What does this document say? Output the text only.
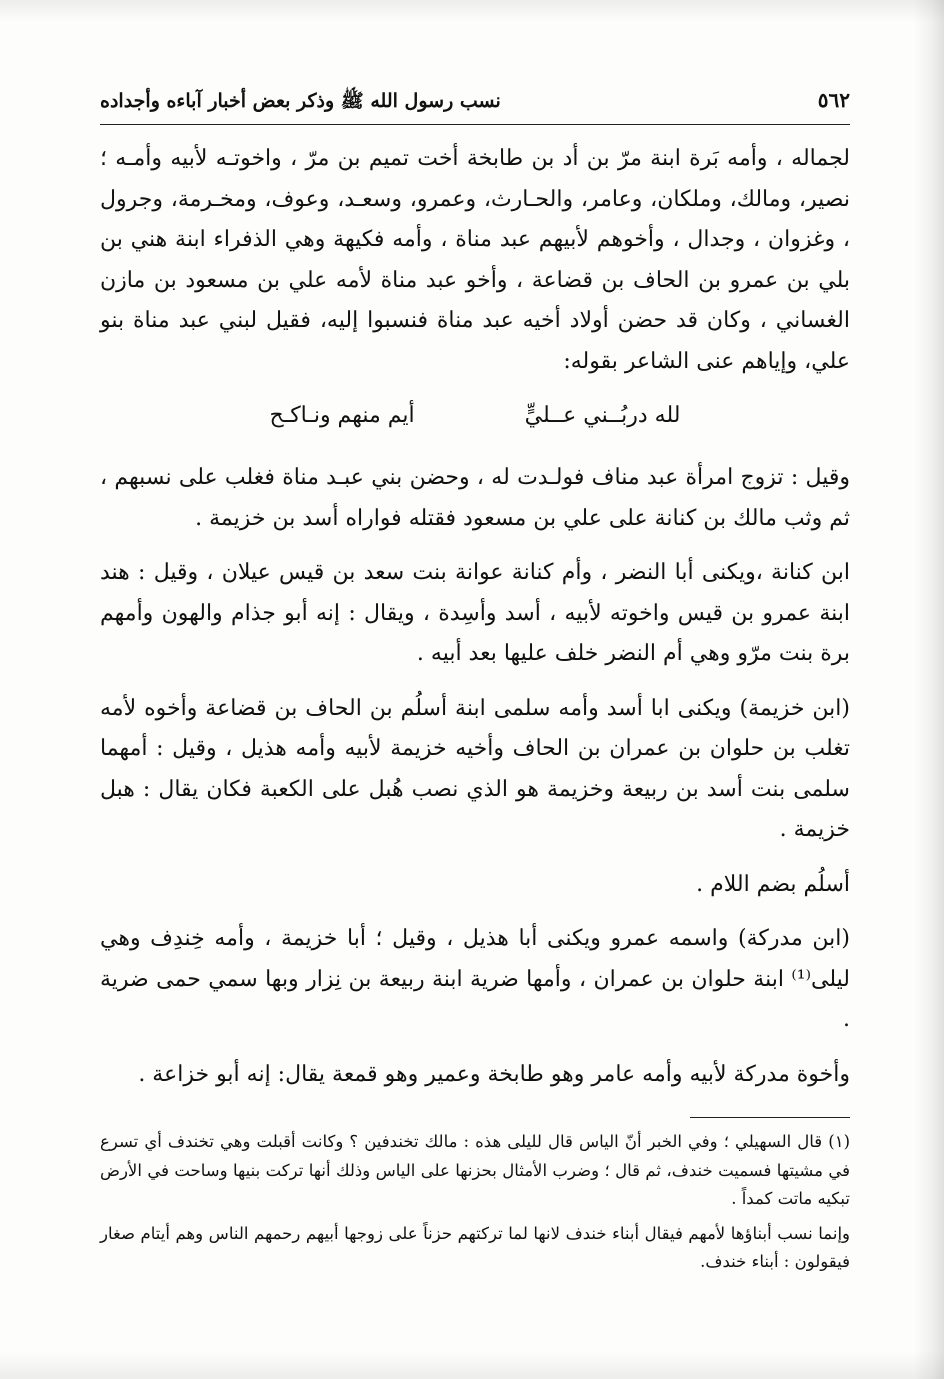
٥٦٢
نسب رسول الله ﷺ وذكر بعض أخبار آباءه وأجداده

لجماله ، وأمه بَرة ابنة مرّ بن أد بن طابخة أخت تميم بن مرّ ، واخوتـه لأبيه وأمـه ؛ نصير، ومالك، وملكان، وعامر، والحـارث، وعمرو، وسعـد، وعوف، ومخـرمة، وجرول ، وغزوان ، وجدال ، وأخوهم لأبيهم عبد مناة ، وأمه فكيهة وهي الذفراء ابنة هني بن بلي بن عمرو بن الحاف بن قضاعة ، وأخو عبد مناة لأمه علي بن مسعود بن مازن الغساني ، وكان قد حضن أولاد أخيه عبد مناة فنسبوا إليه، فقيل لبني عبد مناة بنو علي، وإياهم عنى الشاعر بقوله:

لله دربُــني عــليٍّ
أيم منهم ونـاكـح

وقيل : تزوج امرأة عبد مناف فولـدت له ، وحضن بني عبـد مناة فغلب على نسبهم ، ثم وثب مالك بن كنانة على علي بن مسعود فقتله فواراه أسد بن خزيمة .

ابن كنانة ،ويكنى أبا النضر ، وأم كنانة عوانة بنت سعد بن قيس عيلان ، وقيل : هند ابنة عمرو بن قيس واخوته لأبيه ، أسد وأسِدة ، ويقال : إنه أبو جذام والهون وأمهم برة بنت مرّو وهي أم النضر خلف عليها بعد أبيه .

(ابن خزيمة) ويكنى ابا أسد وأمه سلمى ابنة أسلُم بن الحاف بن قضاعة وأخوه لأمه تغلب بن حلوان بن عمران بن الحاف وأخيه خزيمة لأبيه وأمه هذيل ، وقيل : أمهما سلمى بنت أسد بن ربيعة وخزيمة هو الذي نصب هُبل على الكعبة فكان يقال : هبل خزيمة .

أسلُم بضم اللام .

(ابن مدركة) واسمه عمرو ويكنى أبا هذيل ، وقيل ؛ أبا خزيمة ، وأمه خِندِف وهي ليلى⁽¹⁾ ابنة حلوان بن عمران ، وأمها ضرية ابنة ربيعة بن نِزار وبها سمي حمى ضرية .

وأخوة مدركة لأبيه وأمه عامر وهو طابخة وعمير وهو قمعة يقال: إنه أبو خزاعة .

(١) قال السهيلي ؛ وفي الخبر أنّ الياس قال لليلى هذه : مالك تخندفين ؟ وكانت أقبلت وهي تخندف أي تسرع في مشيتها فسميت خندف، ثم قال ؛ وضرب الأمثال بحزنها على الياس وذلك أنها تركت بنيها وساحت في الأرض تبكيه ماتت كمداً .

وإنما نسب أبناؤها لأمهم فيقال أبناء خندف لانها لما تركتهم حزناً على زوجها أبيهم رحمهم الناس وهم أيتام صغار فيقولون : أبناء خندف.
